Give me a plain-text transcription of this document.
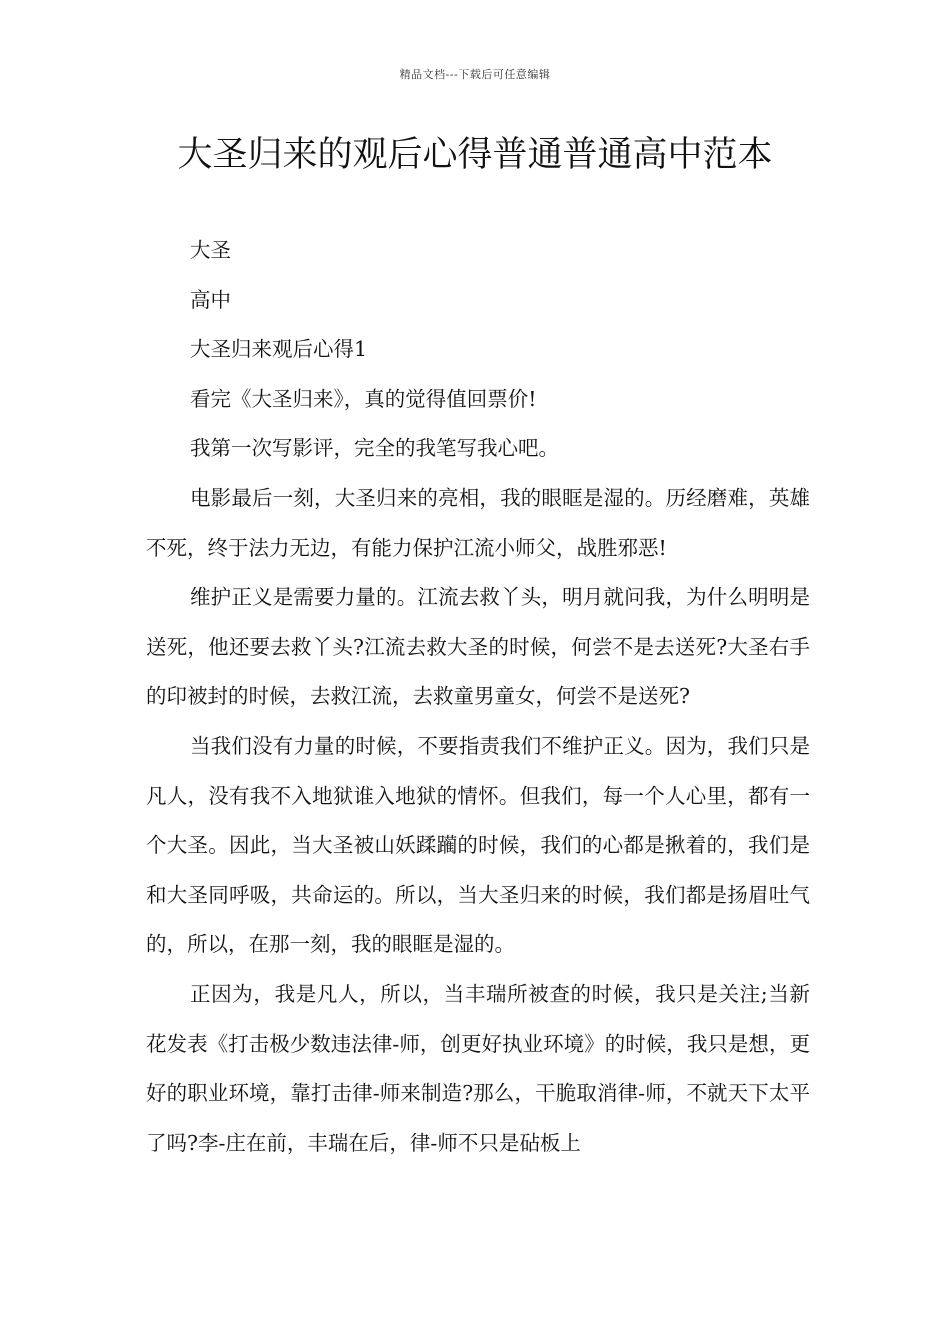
精品文档---下载后可任意编辑
大圣归来的观后心得普通普通高中范本

大圣

高中

大圣归来观后心得1

看完《大圣归来》，真的觉得值回票价!

我第一次写影评，完全的我笔写我心吧。

电影最后一刻，大圣归来的亮相，我的眼眶是湿的。历经磨难，英雄不死，终于法力无边，有能力保护江流小师父，战胜邪恶!

维护正义是需要力量的。江流去救丫头，明月就问我，为什么明明是送死，他还要去救丫头?江流去救大圣的时候，何尝不是去送死?大圣右手的印被封的时候，去救江流，去救童男童女，何尝不是送死?

当我们没有力量的时候，不要指责我们不维护正义。因为，我们只是凡人，没有我不入地狱谁入地狱的情怀。但我们，每一个人心里，都有一个大圣。因此，当大圣被山妖蹂躏的时候，我们的心都是揪着的，我们是和大圣同呼吸，共命运的。所以，当大圣归来的时候，我们都是扬眉吐气的，所以，在那一刻，我的眼眶是湿的。

正因为，我是凡人，所以，当丰瑞所被查的时候，我只是关注;当新花发表《打击极少数违法律-师，创更好执业环境》的时候，我只是想，更好的职业环境，靠打击律-师来制造?那么，干脆取消律-师，不就天下太平了吗?李-庄在前，丰瑞在后，律-师不只是砧板上
